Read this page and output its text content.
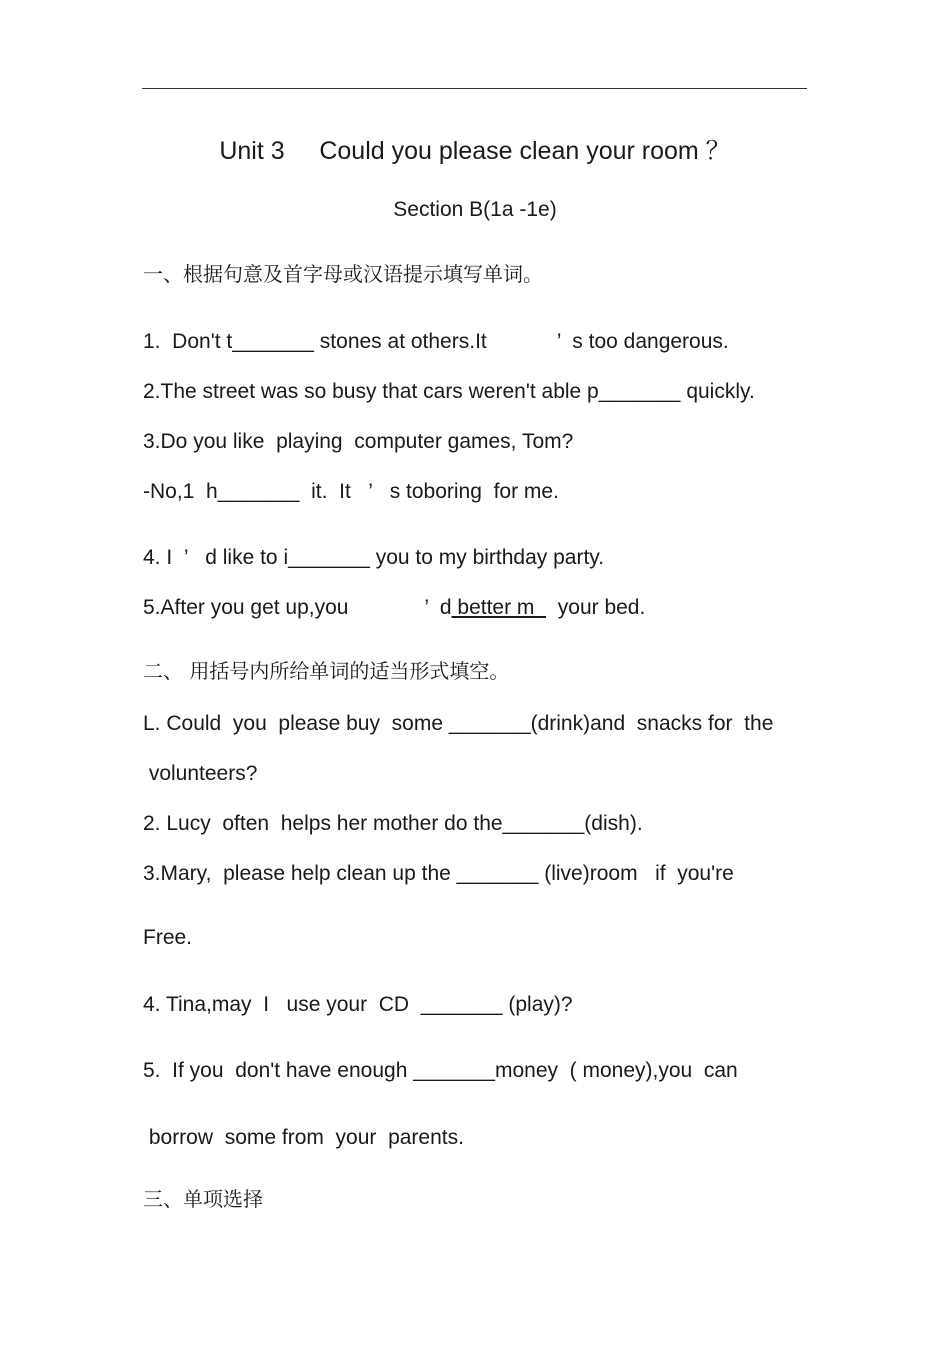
Unit 3     Could you please clean your room ？
Section B(1a -1e)
一、根据句意及首字母或汉语提示填写单词。
1.  Don't t_______ stones at others.It            ’  s too dangerous.
2.The street was so busy that cars weren't able p_______ quickly.
3.Do you like  playing  computer games, Tom?
-No,1  h_______  it.  It   ’   s toboring  for me.
4. I  ’   d like to i_______ you to my birthday party.
5.After you get up,you             ’  d better m    your bed.
二、 用括号内所给单词的适当形式填空。
L. Could  you  please buy  some _______(drink)and  snacks for  the
volunteers?
2. Lucy  often  helps her mother do the_______(dish).
3.Mary,  please help clean up the _______ (live)room   if  you're
Free.
4. Tina,may  I   use your  CD  _______ (play)?
5.  If you  don't have enough _______money  ( money),you  can
borrow  some from  your  parents.
三、单项选择
